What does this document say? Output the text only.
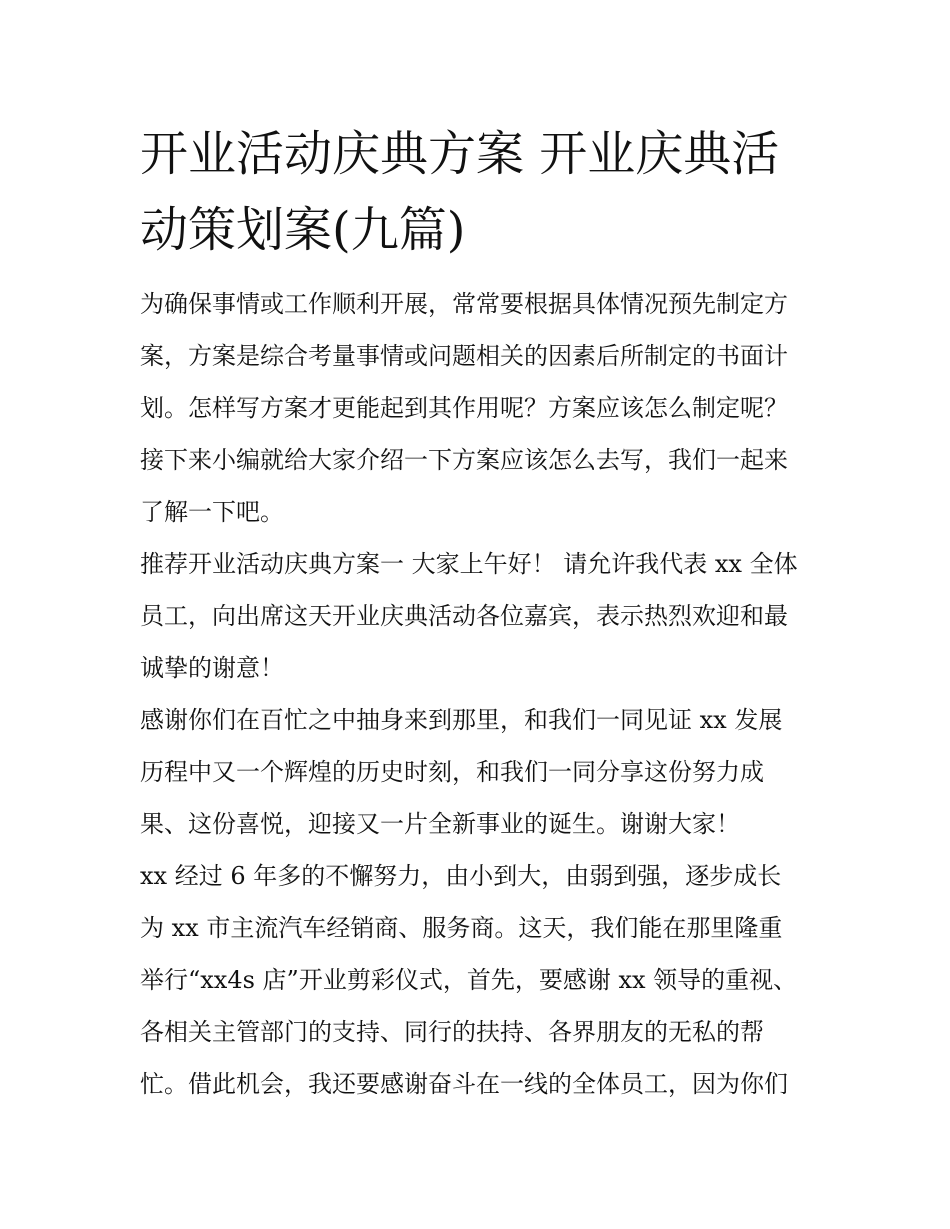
开业活动庆典方案 开业庆典活
动策划案(九篇)
为确保事情或工作顺利开展，常常要根据具体情况预先制定方
案，方案是综合考量事情或问题相关的因素后所制定的书面计
划。怎样写方案才更能起到其作用呢？方案应该怎么制定呢？
接下来小编就给大家介绍一下方案应该怎么去写，我们一起来
了解一下吧。
推荐开业活动庆典方案一 大家上午好！ 请允许我代表 xx 全体
员工，向出席这天开业庆典活动各位嘉宾，表示热烈欢迎和最
诚挚的谢意！
感谢你们在百忙之中抽身来到那里，和我们一同见证 xx 发展
历程中又一个辉煌的历史时刻，和我们一同分享这份努力成
果、这份喜悦，迎接又一片全新事业的诞生。谢谢大家！
xx 经过 6 年多的不懈努力，由小到大，由弱到强，逐步成长
为 xx 市主流汽车经销商、服务商。这天，我们能在那里隆重
举行“xx4s 店”开业剪彩仪式，首先，要感谢 xx 领导的重视、
各相关主管部门的支持、同行的扶持、各界朋友的无私的帮
忙。借此机会，我还要感谢奋斗在一线的全体员工，因为你们
